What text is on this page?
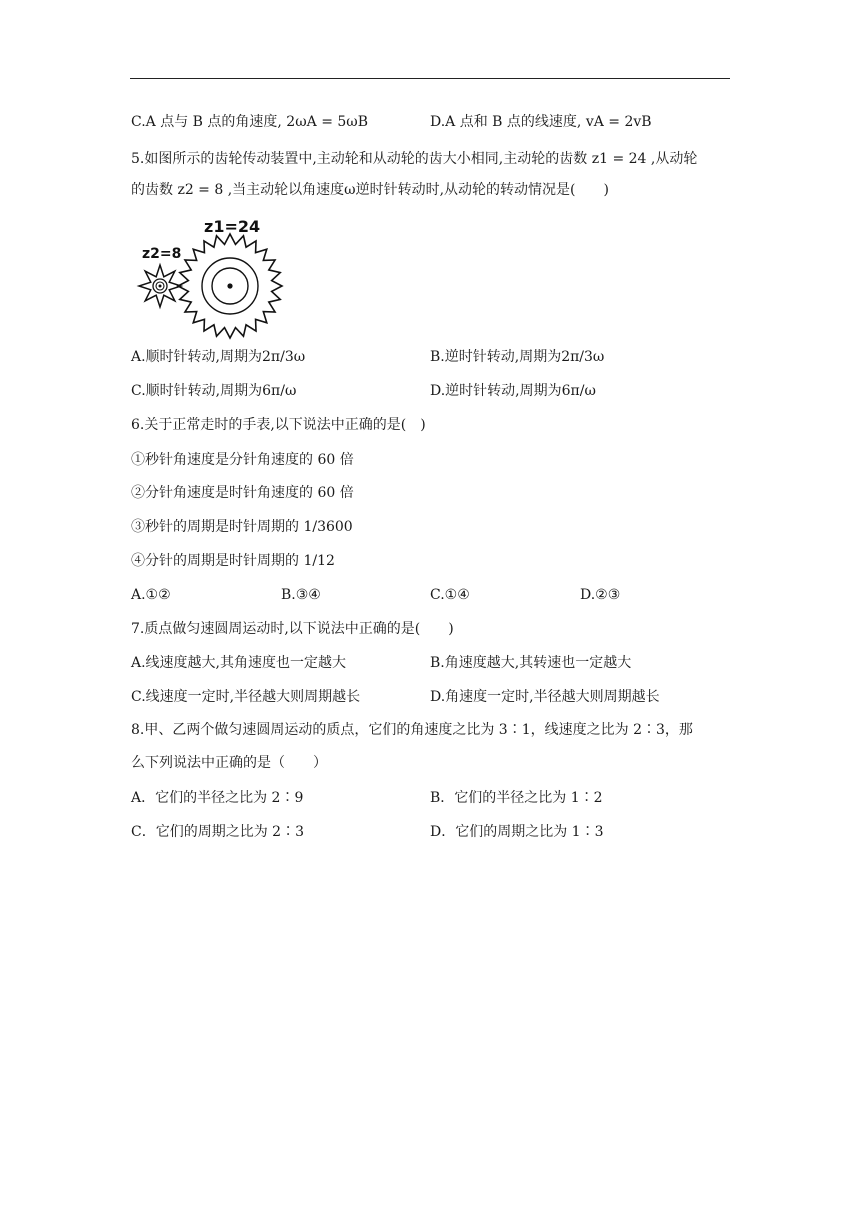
C.A 点与 B 点的角速度, 2ωA = 5ωB	D.A 点和 B 点的线速度, vA = 2vB
5.如图所示的齿轮传动装置中,主动轮和从动轮的齿大小相同,主动轮的齿数 z1 = 24 ,从动轮
的齿数 z2 = 8 ,当主动轮以角速度ω逆时针转动时,从动轮的转动情况是(　　)
z1=24
z2=8
A.顺时针转动,周期为2π/3ω	B.逆时针转动,周期为2π/3ω
C.顺时针转动,周期为6π/ω	D.逆时针转动,周期为6π/ω
6.关于正常走时的手表,以下说法中正确的是(　)
①秒针角速度是分针角速度的 60 倍
②分针角速度是时针角速度的 60 倍
③秒针的周期是时针周期的 1/3600
④分针的周期是时针周期的 1/12
A.①②	B.③④	C.①④	D.②③
7.质点做匀速圆周运动时,以下说法中正确的是(　　)
A.线速度越大,其角速度也一定越大	B.角速度越大,其转速也一定越大
C.线速度一定时,半径越大则周期越长	D.角速度一定时,半径越大则周期越长
8.甲、乙两个做匀速圆周运动的质点，它们的角速度之比为 3∶1，线速度之比为 2∶3，那
么下列说法中正确的是（　　）
A．它们的半径之比为 2∶9	B．它们的半径之比为 1∶2
C．它们的周期之比为 2∶3	D．它们的周期之比为 1∶3
